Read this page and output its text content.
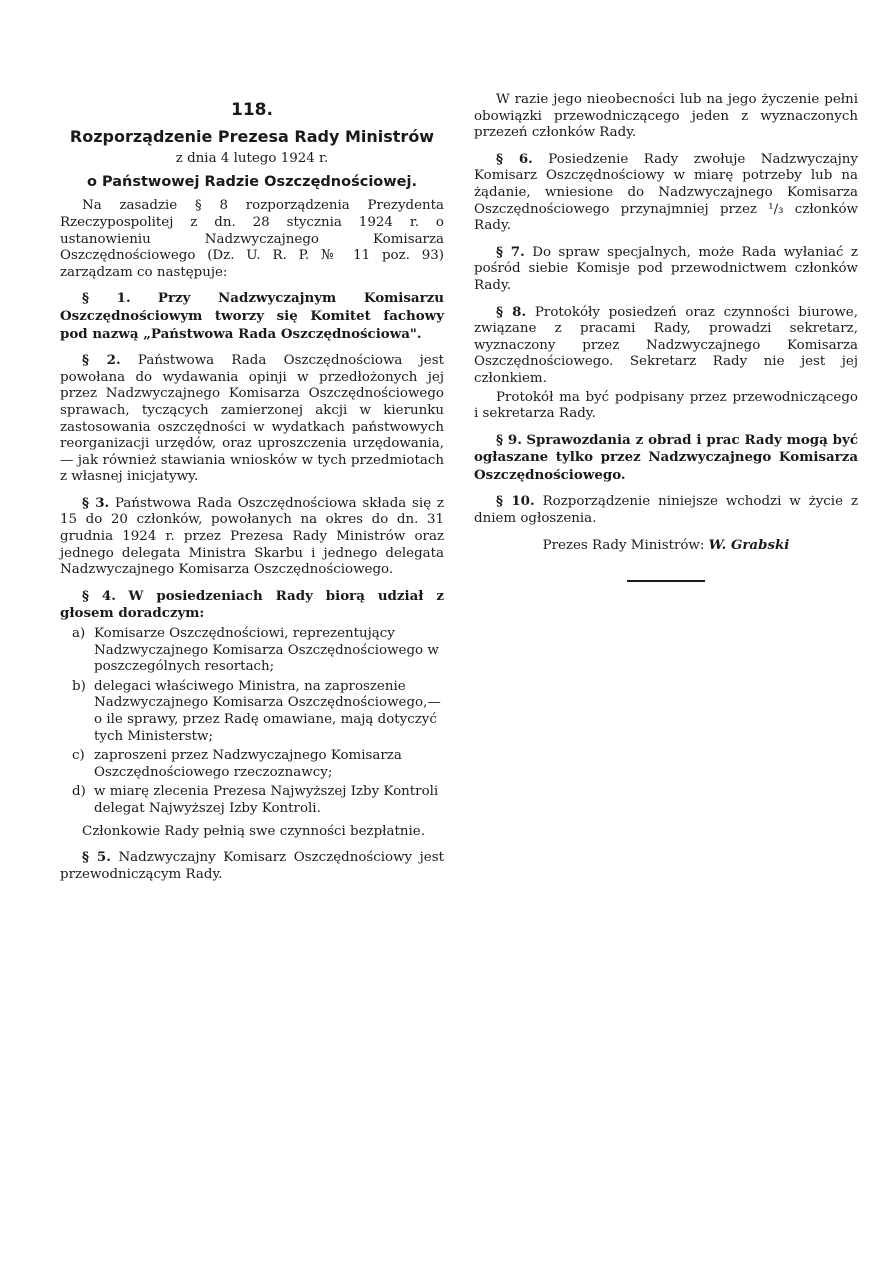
118.
Rozporządzenie Prezesa Rady Ministrów
z dnia 4 lutego 1924 r.
o Państwowej Radzie Oszczędnościowej.

Na zasadzie § 8 rozporządzenia Prezydenta Rzeczypospolitej z dn. 28 stycznia 1924 r. o ustanowieniu Nadzwyczajnego Komisarza Oszczędnościowego (Dz. U. R. P. № 11 poz. 93) zarządzam co następuje:

§ 1. Przy Nadzwyczajnym Komisarzu Oszczędnościowym tworzy się Komitet fachowy pod nazwą „Państwowa Rada Oszczędnościowa".

§ 2. Państwowa Rada Oszczędnościowa jest powołana do wydawania opinji w przedłożonych jej przez Nadzwyczajnego Komisarza Oszczędnościowego sprawach, tyczących zamierzonej akcji w kierunku zastosowania oszczędności w wydatkach państwowych reorganizacji urzędów, oraz uproszczenia urzędowania, — jak również stawiania wniosków w tych przedmiotach z własnej inicjatywy.

§ 3. Państwowa Rada Oszczędnościowa składa się z 15 do 20 członków, powołanych na okres do dn. 31 grudnia 1924 r. przez Prezesa Rady Ministrów oraz jednego delegata Ministra Skarbu i jednego delegata Nadzwyczajnego Komisarza Oszczędnościowego.

§ 4. W posiedzeniach Rady biorą udział z głosem doradczym:

a) Komisarze Oszczędnościowi, reprezentujący Nadzwyczajnego Komisarza Oszczędnościowego w poszczególnych resortach;
b) delegaci właściwego Ministra, na zaproszenie Nadzwyczajnego Komisarza Oszczędnościowego,—o ile sprawy, przez Radę omawiane, mają dotyczyć tych Ministerstw;
c) zaproszeni przez Nadzwyczajnego Komisarza Oszczędnościowego rzeczoznawcy;
d) w miarę zlecenia Prezesa Najwyższej Izby Kontroli delegat Najwyższej Izby Kontroli.

Członkowie Rady pełnią swe czynności bezpłatnie.

§ 5. Nadzwyczajny Komisarz Oszczędnościowy jest przewodniczącym Rady.

W razie jego nieobecności lub na jego życzenie pełni obowiązki przewodniczącego jeden z wyznaczonych przezeń członków Rady.

§ 6. Posiedzenie Rady zwołuje Nadzwyczajny Komisarz Oszczędnościowy w miarę potrzeby lub na żądanie, wniesione do Nadzwyczajnego Komisarza Oszczędnościowego przynajmniej przez ¹/₃ członków Rady.

§ 7. Do spraw specjalnych, może Rada wyłaniać z pośród siebie Komisje pod przewodnictwem członków Rady.

§ 8. Protokóły posiedzeń oraz czynności biurowe, związane z pracami Rady, prowadzi sekretarz, wyznaczony przez Nadzwyczajnego Komisarza Oszczędnościowego. Sekretarz Rady nie jest jej członkiem.

Protokół ma być podpisany przez przewodniczącego i sekretarza Rady.

§ 9. Sprawozdania z obrad i prac Rady mogą być ogłaszane tylko przez Nadzwyczajnego Komisarza Oszczędnościowego.

§ 10. Rozporządzenie niniejsze wchodzi w życie z dniem ogłoszenia.

Prezes Rady Ministrów: W. Grabski
